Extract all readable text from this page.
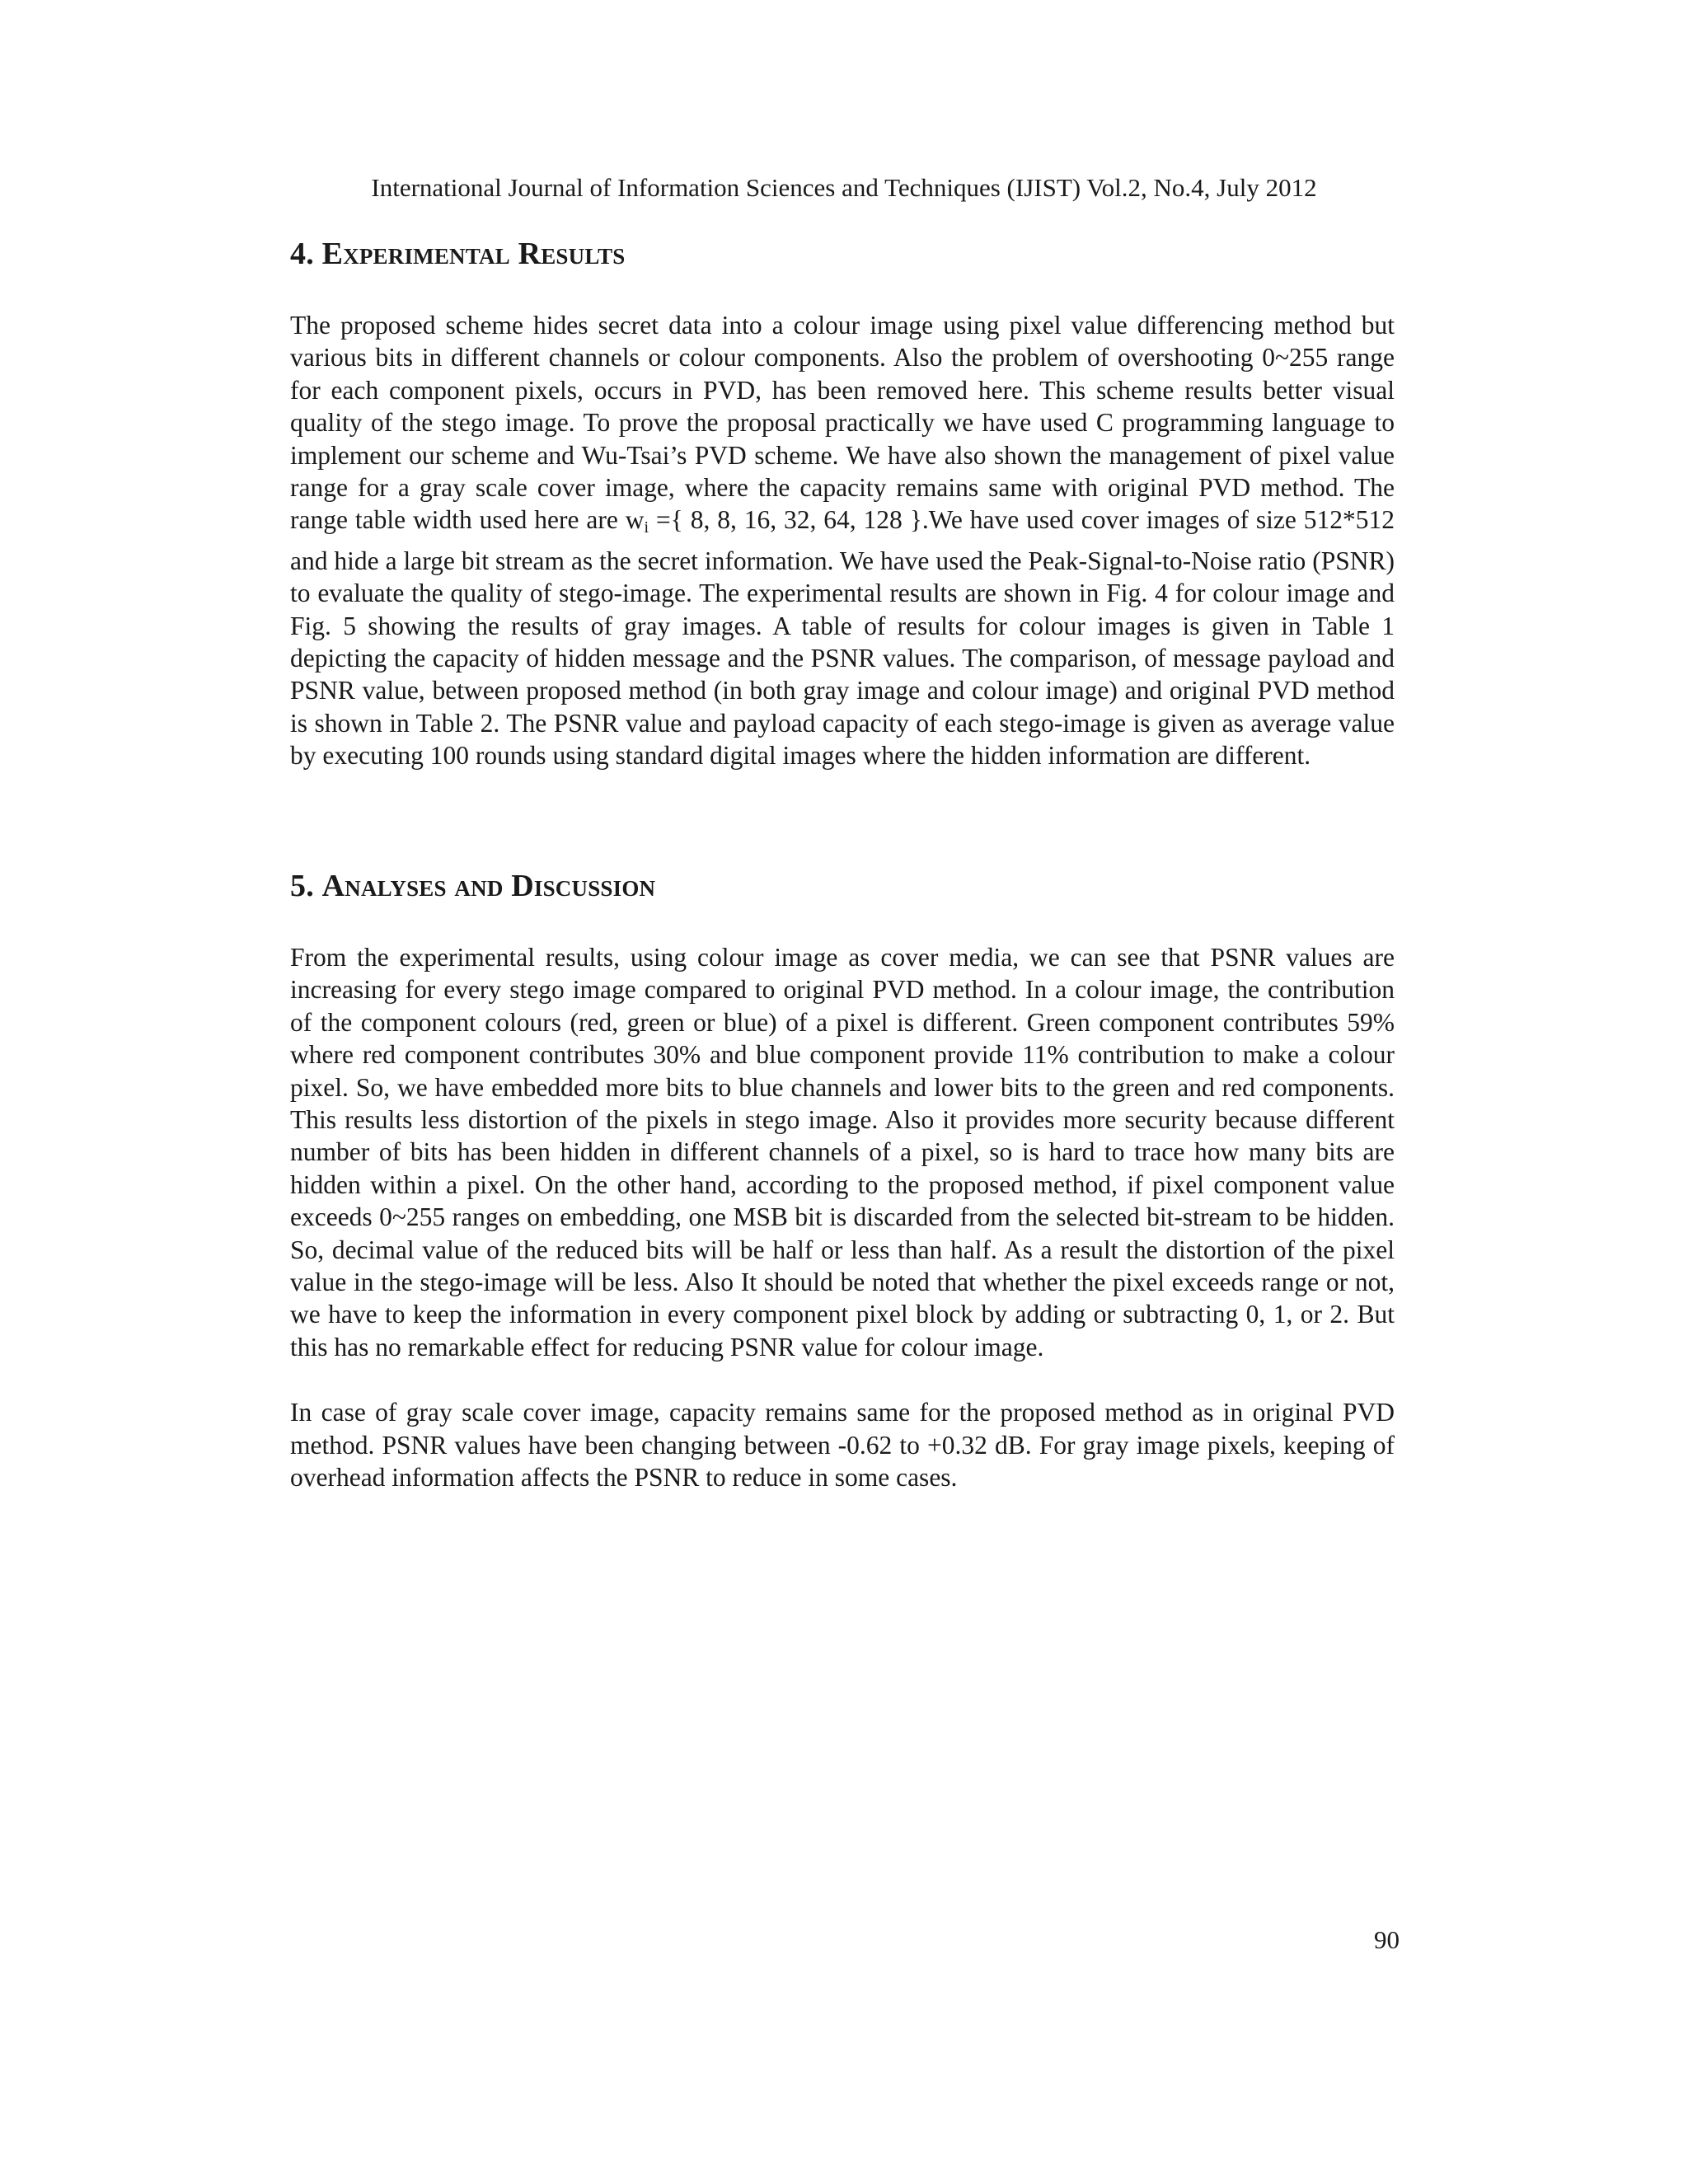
International Journal of Information Sciences and Techniques (IJIST) Vol.2, No.4, July 2012
4. Experimental Results

The proposed scheme hides secret data into a colour image using pixel value differencing method but various bits in different channels or colour components. Also the problem of overshooting 0~255 range for each component pixels, occurs in PVD, has been removed here. This scheme results better visual quality of the stego image. To prove the proposal practically we have used C programming language to implement our scheme and Wu-Tsai’s PVD scheme. We have also shown the management of pixel value range for a gray scale cover image, where the capacity remains same with original PVD method. The range table width used here are $w_i$ ={ 8, 8, 16, 32, 64, 128 }.We have used cover images of size 512*512 and hide a large bit stream as the secret information. We have used the Peak-Signal-to-Noise ratio (PSNR) to evaluate the quality of stego-image. The experimental results are shown in Fig. 4 for colour image and Fig. 5 showing the results of gray images. A table of results for colour images is given in Table 1 depicting the capacity of hidden message and the PSNR values. The comparison, of message payload and PSNR value, between proposed method (in both gray image and colour image) and original PVD method is shown in Table 2. The PSNR value and payload capacity of each stego-image is given as average value by executing 100 rounds using standard digital images where the hidden information are different.

5. Analyses and Discussion

From the experimental results, using colour image as cover media, we can see that PSNR values are increasing for every stego image compared to original PVD method. In a colour image, the contribution of the component colours (red, green or blue) of a pixel is different. Green component contributes 59% where red component contributes 30% and blue component provide 11% contribution to make a colour pixel. So, we have embedded more bits to blue channels and lower bits to the green and red components. This results less distortion of the pixels in stego image. Also it provides more security because different number of bits has been hidden in different channels of a pixel, so is hard to trace how many bits are hidden within a pixel. On the other hand, according to the proposed method, if pixel component value exceeds 0~255 ranges on embedding, one MSB bit is discarded from the selected bit-stream to be hidden. So, decimal value of the reduced bits will be half or less than half. As a result the distortion of the pixel value in the stego-image will be less. Also It should be noted that whether the pixel exceeds range or not, we have to keep the information in every component pixel block by adding or subtracting 0, 1, or 2. But this has no remarkable effect for reducing PSNR value for colour image.

In case of gray scale cover image, capacity remains same for the proposed method as in original PVD method. PSNR values have been changing between -0.62 to +0.32 dB. For gray image pixels, keeping of overhead information affects the PSNR to reduce in some cases.

90
